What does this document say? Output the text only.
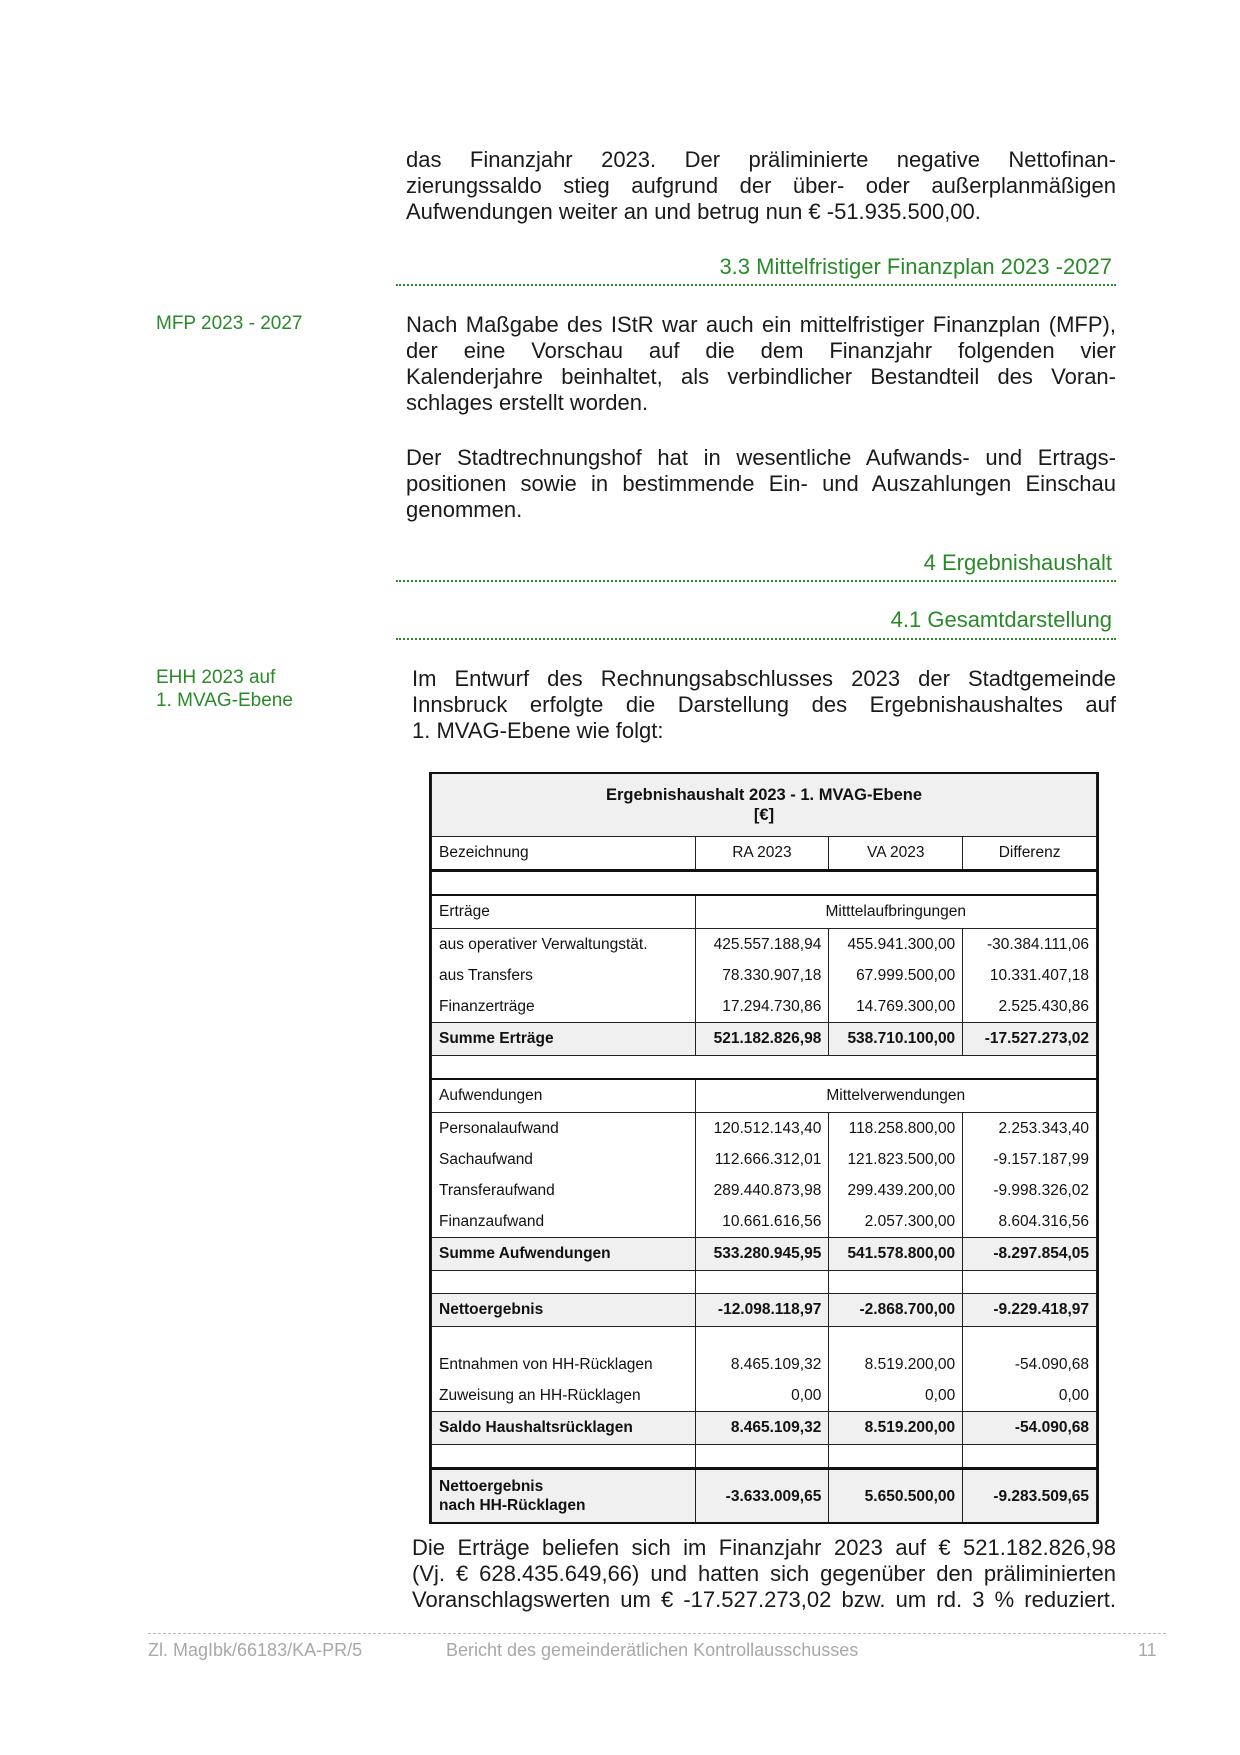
das Finanzjahr 2023. Der präliminierte negative Nettofinan-
zierungssaldo stieg aufgrund der über- oder außerplanmäßigen
Aufwendungen weiter an und betrug nun € -51.935.500,00.
3.3 Mittelfristiger Finanzplan 2023 -2027
MFP 2023 - 2027	Nach Maßgabe des IStR war auch ein mittelfristiger Finanzplan (MFP),
der eine Vorschau auf die dem Finanzjahr folgenden vier
Kalenderjahre beinhaltet, als verbindlicher Bestandteil des Voran-
schlages erstellt worden.
Der Stadtrechnungshof hat in wesentliche Aufwands- und Ertrags-
positionen sowie in bestimmende Ein- und Auszahlungen Einschau
genommen.
4 Ergebnishaushalt
4.1 Gesamtdarstellung
EHH 2023 auf
1. MVAG-Ebene
Im Entwurf des Rechnungsabschlusses 2023 der Stadtgemeinde
Innsbruck erfolgte die Darstellung des Ergebnishaushaltes auf
1. MVAG-Ebene wie folgt:
Ergebnishaushalt 2023 - 1. MVAG-Ebene
[€]			

Bezeichnung	RA 2023	VA 2023	Differenz

Erträge	Mitttelaufbringungen		
aus operativer Verwaltungstät.	425.557.188,94	455.941.300,00	-30.384.111,06
aus Transfers	78.330.907,18	67.999.500,00	10.331.407,18
Finanzerträge	17.294.730,86	14.769.300,00	2.525.430,86
Summe Erträge	521.182.826,98	538.710.100,00	-17.527.273,02

Aufwendungen	Mittelverwendungen		
Personalaufwand	120.512.143,40	118.258.800,00	2.253.343,40
Sachaufwand	112.666.312,01	121.823.500,00	-9.157.187,99
Transferaufwand	289.440.873,98	299.439.200,00	-9.998.326,02
Finanzaufwand	10.661.616,56	2.057.300,00	8.604.316,56
Summe Aufwendungen	533.280.945,95	541.578.800,00	-8.297.854,05

Nettoergebnis	-12.098.118,97	-2.868.700,00	-9.229.418,97

Entnahmen von HH-Rücklagen	8.465.109,32	8.519.200,00	-54.090,68
Zuweisung an HH-Rücklagen	0,00	0,00	0,00
Saldo Haushaltsrücklagen	8.465.109,32	8.519.200,00	-54.090,68

Nettoergebnis
nach HH-Rücklagen	-3.633.009,65	5.650.500,00	-9.283.509,65
Die Erträge beliefen sich im Finanzjahr 2023 auf € 521.182.826,98
(Vj. € 628.435.649,66) und hatten sich gegenüber den präliminierten
Voranschlagswerten um € -17.527.273,02 bzw. um rd. 3 % reduziert.
Zl. MagIbk/66183/KA-PR/5	Bericht des gemeinderätlichen Kontrollausschusses	11
